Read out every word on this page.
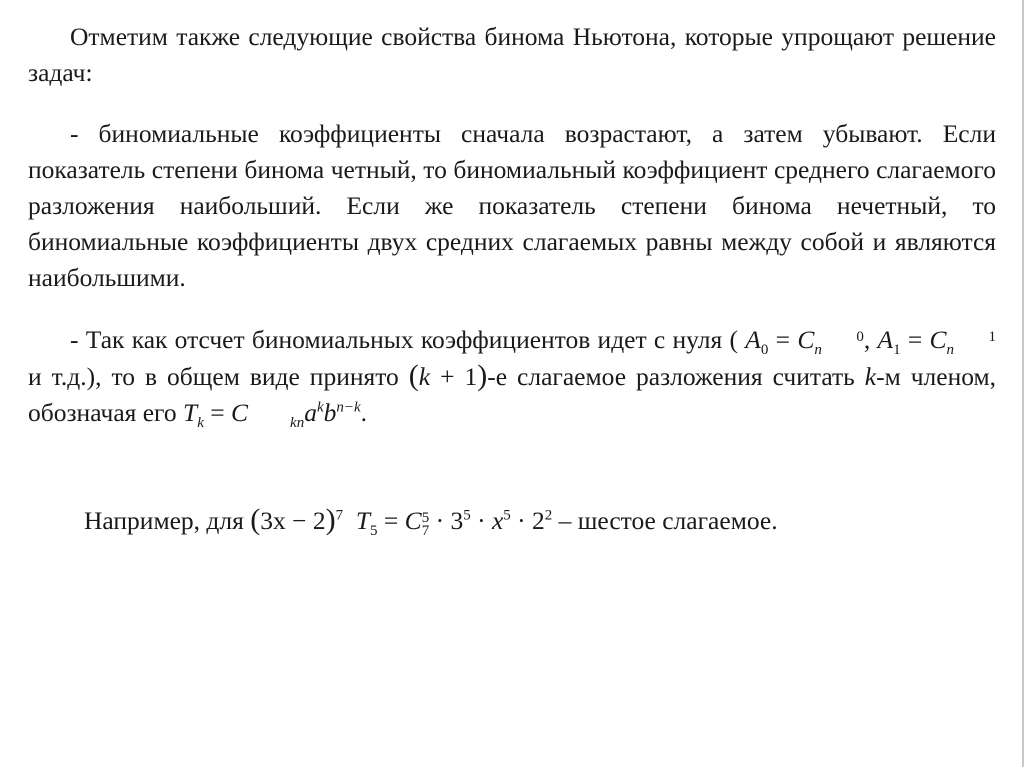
Отметим также следующие свойства бинома Ньютона, которые упрощают решение задач:

- биномиальные коэффициенты сначала возрастают, а затем убывают. Если показатель степени бинома четный, то биномиальный коэффициент среднего слагаемого разложения наибольший. Если же показатель степени бинома нечетный, то биномиальные коэффициенты двух средних слагаемых равны между собой и являются наибольшими.

- Так как отсчет биномиальных коэффициентов идет с нуля ( $A_0 = C$	0
n , $A_1 = C$	1
n и т.д.), то в общем виде принято (k + 1)-е слагаемое разложения считать k-м членом, обозначая его $T_k = C$	$kna^kb^{n-k}$.

Например, для $(3x - 2)^7$ $T_5 = C$ 5
$7 \cdot 3^5 \cdot x^5 \cdot 2^2$ – шестое слагаемое.
